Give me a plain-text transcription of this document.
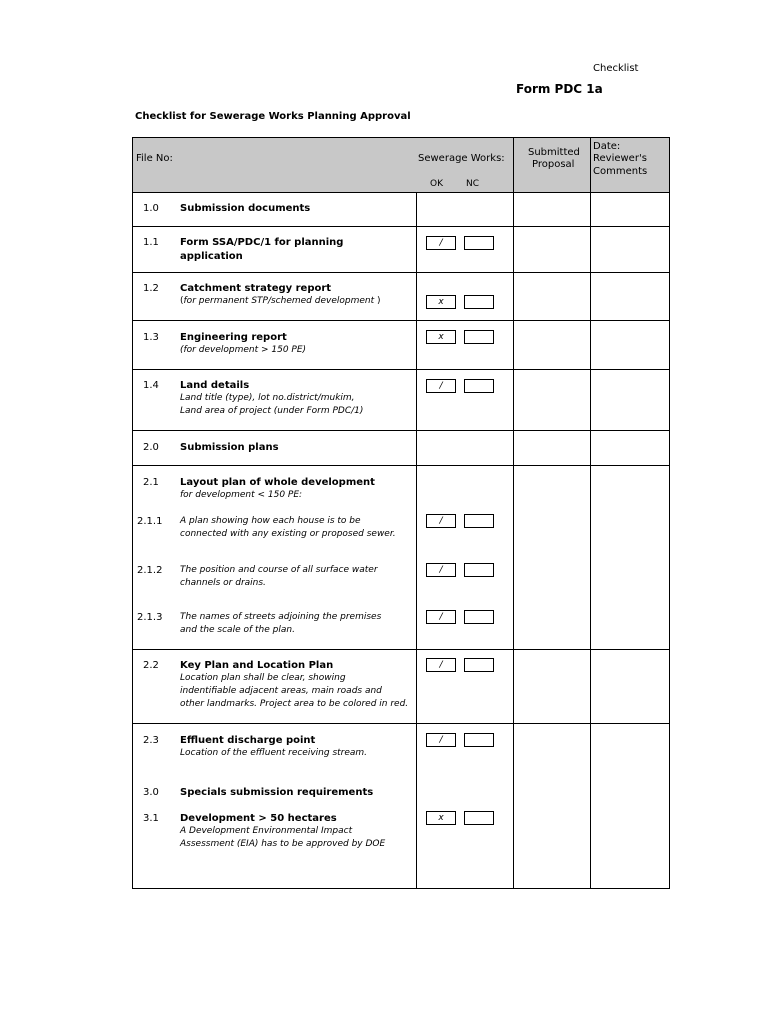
Checklist
Form PDC 1a
Checklist for Sewerage Works Planning Approval
File No:	Sewerage Works:
OK	NC
Submitted
Proposal
Date:
Reviewer's
Comments
1.0 Submission documents
1.1 Form SSA/PDC/1 for planning
application
/
1.2 Catchment strategy report
(for permanent STP/schemed development )	x
1.3 Engineering report
(for development > 150 PE)
x
1.4 Land details
Land title (type), lot no.district/mukim,
Land area of project (under Form PDC/1)
/
2.0 Submission plans
2.1 Layout plan of whole development
for development < 150 PE:
2.1.1 A plan showing how each house is to be
connected with any existing or proposed sewer.
/
2.1.2 The position and course of all surface water
channels or drains.
/
2.1.3 The names of streets adjoining the premises
and the scale of the plan.
/
2.2 Key Plan and Location Plan
Location plan shall be clear, showing
indentifiable adjacent areas, main roads and
other landmarks. Project area to be colored in red.
/
2.3 Effluent discharge point
Location of the effluent receiving stream.
/
3.0 Specials submission requirements
3.1 Development > 50 hectares
A Development Environmental Impact
Assessment (EIA) has to be approved by DOE
x
